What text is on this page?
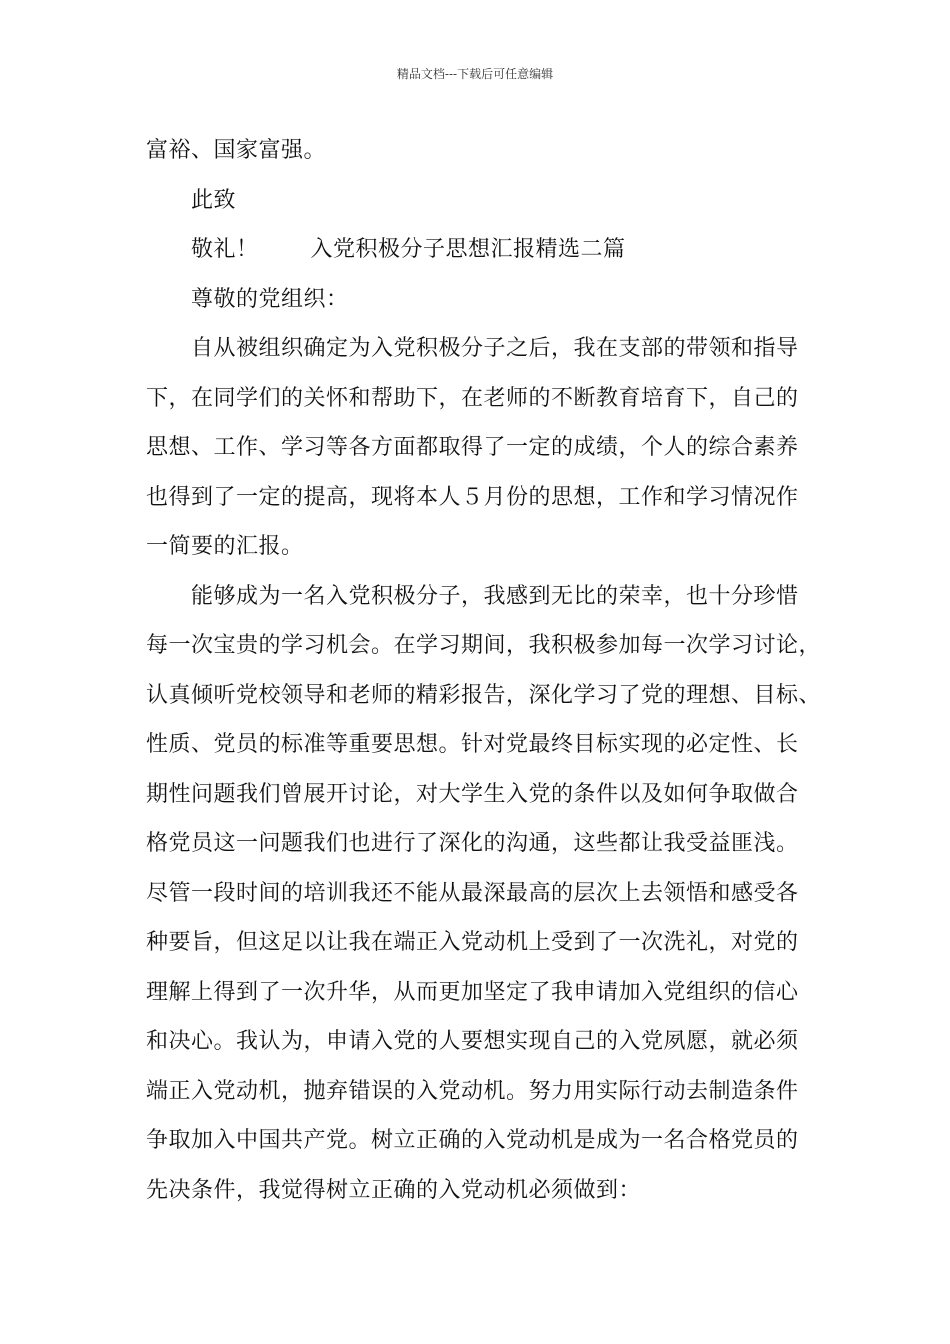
精品文档---下载后可任意编辑
富裕、国家富强。
此致
敬礼！ 入党积极分子思想汇报精选二篇
尊敬的党组织：
自从被组织确定为入党积极分子之后，我在支部的带领和指导
下，在同学们的关怀和帮助下，在老师的不断教育培育下，自己的
思想、工作、学习等各方面都取得了一定的成绩，个人的综合素养
也得到了一定的提高，现将本人５月份的思想，工作和学习情况作
一简要的汇报。
能够成为一名入党积极分子，我感到无比的荣幸，也十分珍惜
每一次宝贵的学习机会。在学习期间，我积极参加每一次学习讨论，
认真倾听党校领导和老师的精彩报告，深化学习了党的理想、目标、
性质、党员的标准等重要思想。针对党最终目标实现的必定性、长
期性问题我们曾展开讨论，对大学生入党的条件以及如何争取做合
格党员这一问题我们也进行了深化的沟通，这些都让我受益匪浅。
尽管一段时间的培训我还不能从最深最高的层次上去领悟和感受各
种要旨，但这足以让我在端正入党动机上受到了一次洗礼，对党的
理解上得到了一次升华，从而更加坚定了我申请加入党组织的信心
和决心。我认为，申请入党的人要想实现自己的入党夙愿，就必须
端正入党动机，抛弃错误的入党动机。努力用实际行动去制造条件
争取加入中国共产党。树立正确的入党动机是成为一名合格党员的
先决条件，我觉得树立正确的入党动机必须做到：
